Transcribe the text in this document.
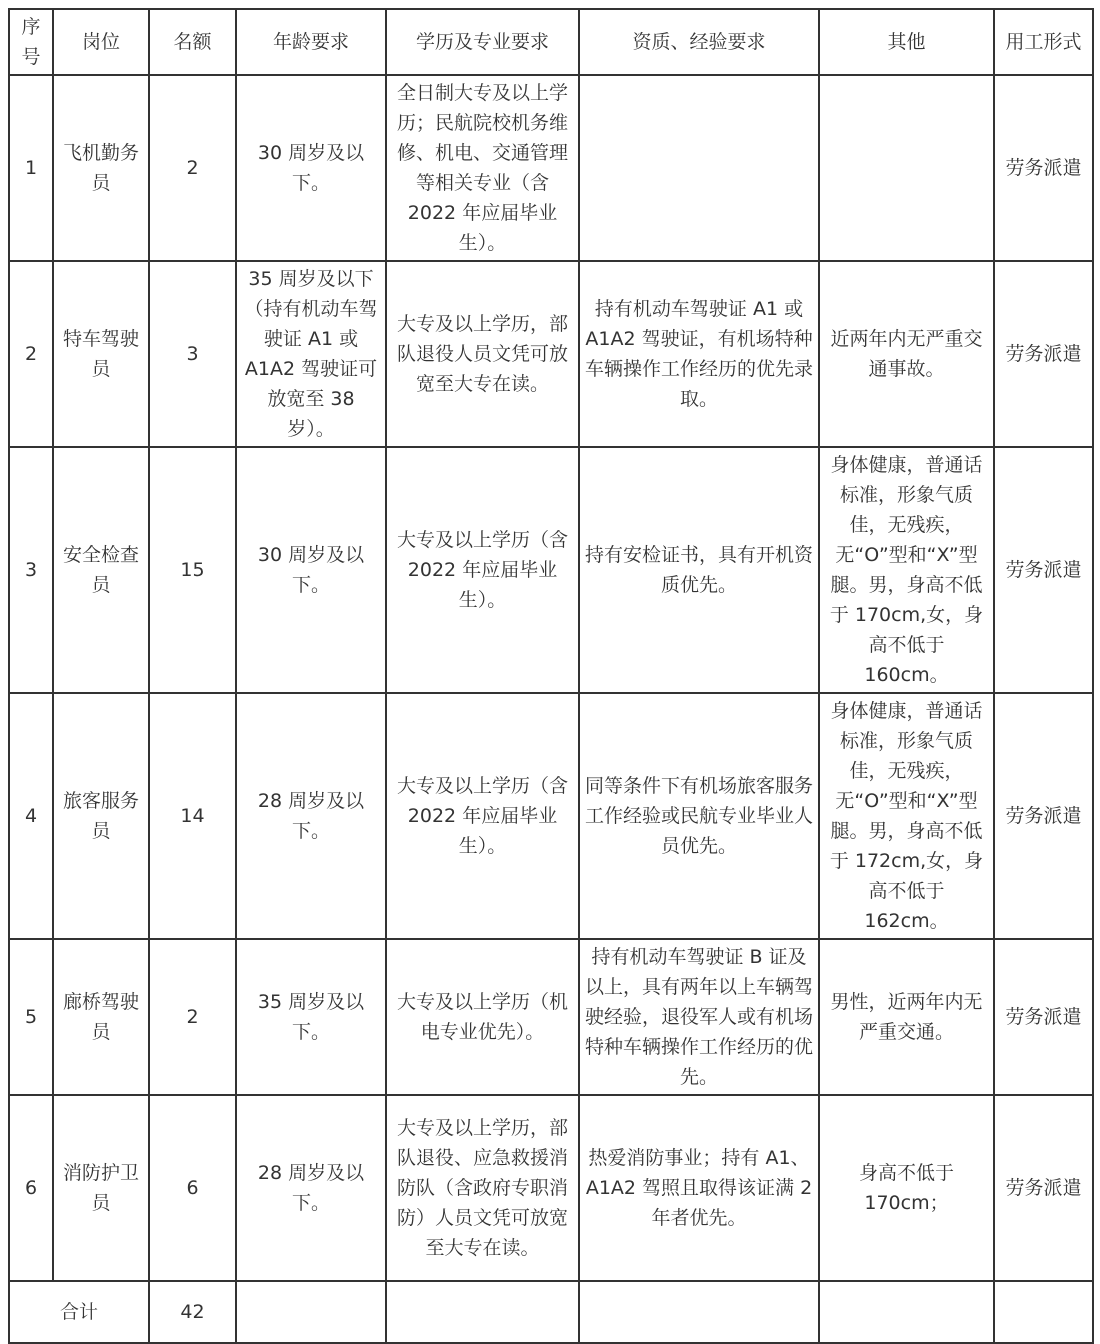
序号	岗位	名额	年龄要求	学历及专业要求	资质、经验要求	其他	用工形式
1	飞机勤务员	2	30 周岁及以下。	全日制大专及以上学历；民航院校机务维修、机电、交通管理等相关专业（含 2022 年应届毕业生）。			劳务派遣
2	特车驾驶员	3	35 周岁及以下（持有机动车驾驶证 A1 或 A1A2 驾驶证可放宽至 38 岁）。	大专及以上学历，部队退役人员文凭可放宽至大专在读。	持有机动车驾驶证 A1 或 A1A2 驾驶证，有机场特种车辆操作工作经历的优先录取。	近两年内无严重交通事故。	劳务派遣
3	安全检查员	15	30 周岁及以下。	大专及以上学历（含 2022 年应届毕业生）。	持有安检证书，具有开机资质优先。	身体健康，普通话标准，形象气质佳，无残疾，无“O”型和“X”型腿。男，身高不低于 170cm,女，身高不低于 160cm。	劳务派遣
4	旅客服务员	14	28 周岁及以下。	大专及以上学历（含 2022 年应届毕业生）。	同等条件下有机场旅客服务工作经验或民航专业毕业人员优先。	身体健康，普通话标准，形象气质佳，无残疾，无“O”型和“X”型腿。男，身高不低于 172cm,女，身高不低于 162cm。	劳务派遣
5	廊桥驾驶员	2	35 周岁及以下。	大专及以上学历（机电专业优先）。	持有机动车驾驶证 B 证及以上，具有两年以上车辆驾驶经验，退役军人或有机场特种车辆操作工作经历的优先。	男性，近两年内无严重交通。	劳务派遣
6	消防护卫员	6	28 周岁及以下。	大专及以上学历，部队退役、应急救援消防队（含政府专职消防）人员文凭可放宽至大专在读。	热爱消防事业；持有 A1、A1A2 驾照且取得该证满 2 年者优先。	身高不低于 170cm；	劳务派遣
合计		42					
